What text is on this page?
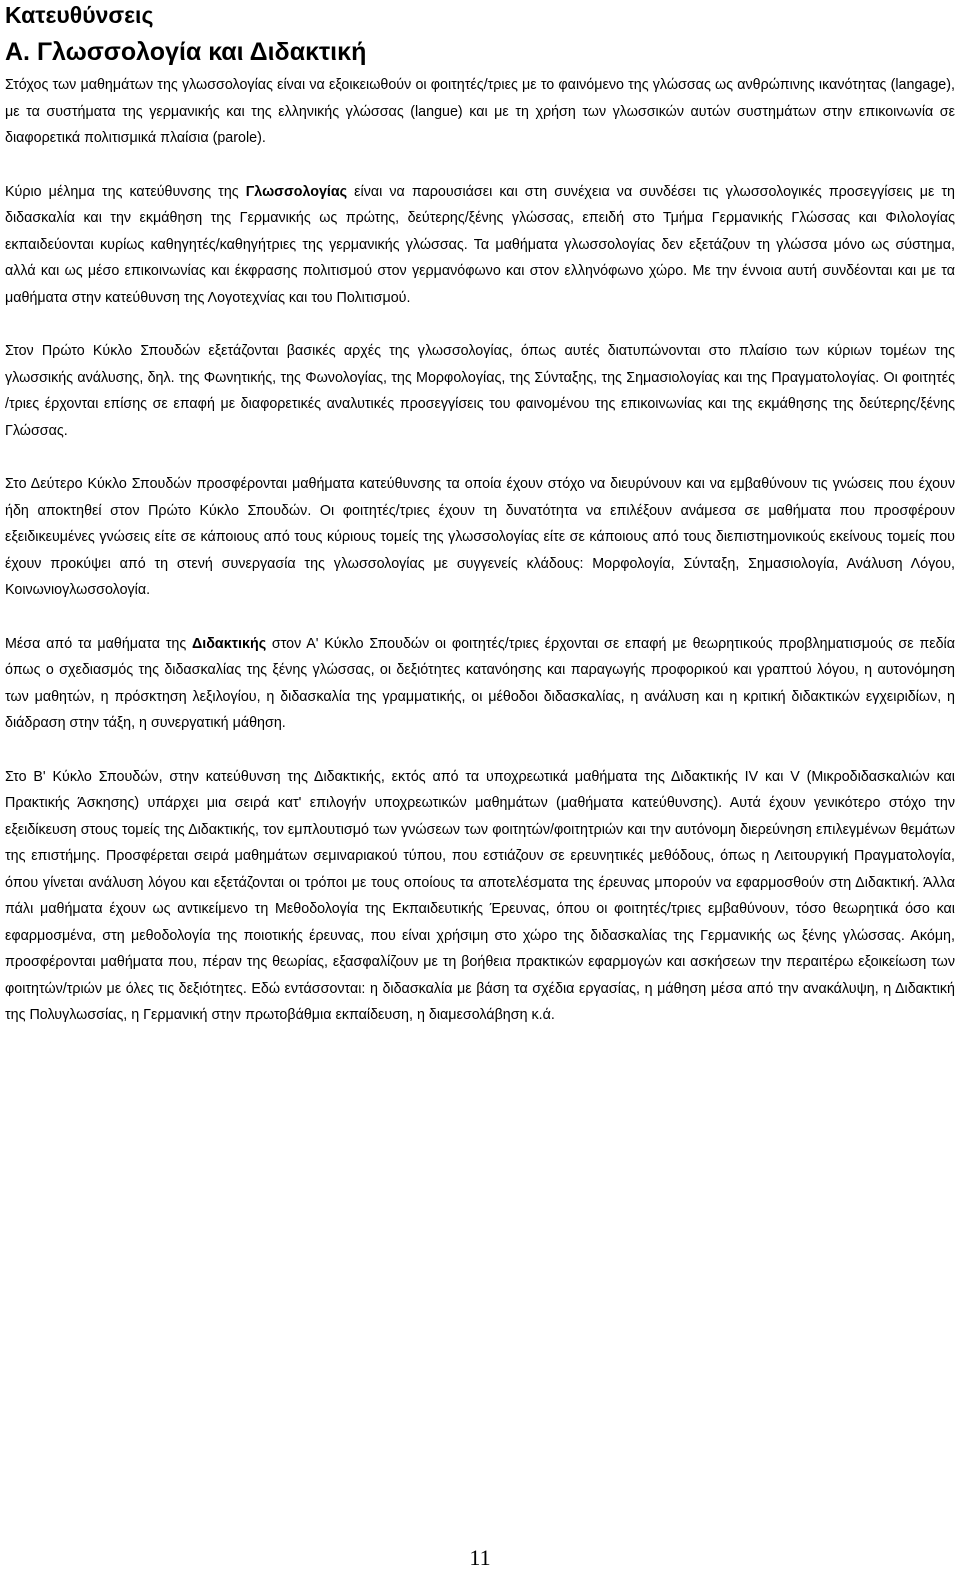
Κατευθύνσεις
Α. Γλωσσολογία και Διδακτική

Στόχος των μαθημάτων της γλωσσολογίας είναι να εξοικειωθούν οι φοιτητές/τριες με το φαινόμενο της γλώσσας ως ανθρώπινης ικανότητας (langage), με τα συστήματα της γερμανικής και της ελληνικής γλώσσας (langue) και με τη χρήση των γλωσσικών αυτών συστημάτων στην επικοινωνία σε διαφορετικά πολιτισμικά πλαίσια (parole).

Κύριο μέλημα της κατεύθυνσης της Γλωσσολογίας είναι να παρουσιάσει και στη συνέχεια να συνδέσει τις γλωσσολογικές προσεγγίσεις με τη διδασκαλία και την εκμάθηση της Γερμανικής ως πρώτης, δεύτερης/ξένης γλώσσας, επειδή στο Τμήμα Γερμανικής Γλώσσας και Φιλολογίας εκπαιδεύονται κυρίως καθηγητές/καθηγήτριες της γερμανικής γλώσσας. Τα μαθήματα γλωσσολογίας δεν εξετάζουν τη γλώσσα μόνο ως σύστημα, αλλά και ως μέσο επικοινωνίας και έκφρασης πολιτισμού στον γερμανόφωνο και στον ελληνόφωνο χώρο. Με την έννοια αυτή συνδέονται και με τα μαθήματα στην κατεύθυνση της Λογοτεχνίας και του Πολιτισμού.

Στον Πρώτο Κύκλο Σπουδών εξετάζονται βασικές αρχές της γλωσσολογίας, όπως αυτές διατυπώνονται στο πλαίσιο των κύριων τομέων της γλωσσικής ανάλυσης, δηλ. της Φωνητικής, της Φωνολογίας, της Μορφολογίας, της Σύνταξης, της Σημασιολογίας και της Πραγματολογίας. Οι φοιτητές /τριες έρχονται επίσης σε επαφή με διαφορετικές αναλυτικές προσεγγίσεις του φαινομένου της επικοινωνίας και της εκμάθησης της δεύτερης/ξένης Γλώσσας.

Στο Δεύτερο Κύκλο Σπουδών προσφέρονται μαθήματα κατεύθυνσης τα οποία έχουν στόχο να διευρύνουν και να εμβαθύνουν τις γνώσεις που έχουν ήδη αποκτηθεί στον Πρώτο Κύκλο Σπουδών. Οι φοιτητές/τριες έχουν τη δυνατότητα να επιλέξουν ανάμεσα σε μαθήματα που προσφέρουν εξειδικευμένες γνώσεις είτε σε κάποιους από τους κύριους τομείς της γλωσσολογίας είτε σε κάποιους από τους διεπιστημονικούς εκείνους τομείς που έχουν προκύψει από τη στενή συνεργασία της γλωσσολογίας με συγγενείς κλάδους: Μορφολογία, Σύνταξη, Σημασιολογία, Ανάλυση Λόγου, Κοινωνιογλωσσολογία.

Μέσα από τα μαθήματα της Διδακτικής στον Α' Κύκλο Σπουδών οι φοιτητές/τριες έρχονται σε επαφή με θεωρητικούς προβληματισμούς σε πεδία όπως ο σχεδιασμός της διδασκαλίας της ξένης γλώσσας, οι δεξιότητες κατανόησης και παραγωγής προφορικού και γραπτού λόγου, η αυτονόμηση των μαθητών, η πρόσκτηση λεξιλογίου, η διδασκαλία της γραμματικής, οι μέθοδοι διδασκαλίας, η ανάλυση και η κριτική διδακτικών εγχειριδίων, η διάδραση στην τάξη, η συνεργατική μάθηση.

Στο Β' Κύκλο Σπουδών, στην κατεύθυνση της Διδακτικής, εκτός από τα υποχρεωτικά μαθήματα της Διδακτικής IV και V (Μικροδιδασκαλιών και Πρακτικής Άσκησης) υπάρχει μια σειρά κατ' επιλογήν υποχρεωτικών μαθημάτων (μαθήματα κατεύθυνσης). Αυτά έχουν γενικότερο στόχο την εξειδίκευση στους τομείς της Διδακτικής, τον εμπλουτισμό των γνώσεων των φοιτητών/φοιτητριών και την αυτόνομη διερεύνηση επιλεγμένων θεμάτων της επιστήμης. Προσφέρεται σειρά μαθημάτων σεμιναριακού τύπου, που εστιάζουν σε ερευνητικές μεθόδους, όπως η Λειτουργική Πραγματολογία, όπου γίνεται ανάλυση λόγου και εξετάζονται οι τρόποι με τους οποίους τα αποτελέσματα της έρευνας μπορούν να εφαρμοσθούν στη Διδακτική. Άλλα πάλι μαθήματα έχουν ως αντικείμενο τη Μεθοδολογία της Εκπαιδευτικής Έρευνας, όπου οι φοιτητές/τριες εμβαθύνουν, τόσο θεωρητικά όσο και εφαρμοσμένα, στη μεθοδολογία της ποιοτικής έρευνας, που είναι χρήσιμη στο χώρο της διδασκαλίας της Γερμανικής ως ξένης γλώσσας. Ακόμη, προσφέρονται μαθήματα που, πέραν της θεωρίας, εξασφαλίζουν με τη βοήθεια πρακτικών εφαρμογών και ασκήσεων την περαιτέρω εξοικείωση των φοιτητών/τριών με όλες τις δεξιότητες. Εδώ εντάσσονται: η διδασκαλία με βάση τα σχέδια εργασίας, η μάθηση μέσα από την ανακάλυψη, η Διδακτική της Πολυγλωσσίας, η Γερμανική στην πρωτοβάθμια εκπαίδευση, η διαμεσολάβηση κ.ά.

11
